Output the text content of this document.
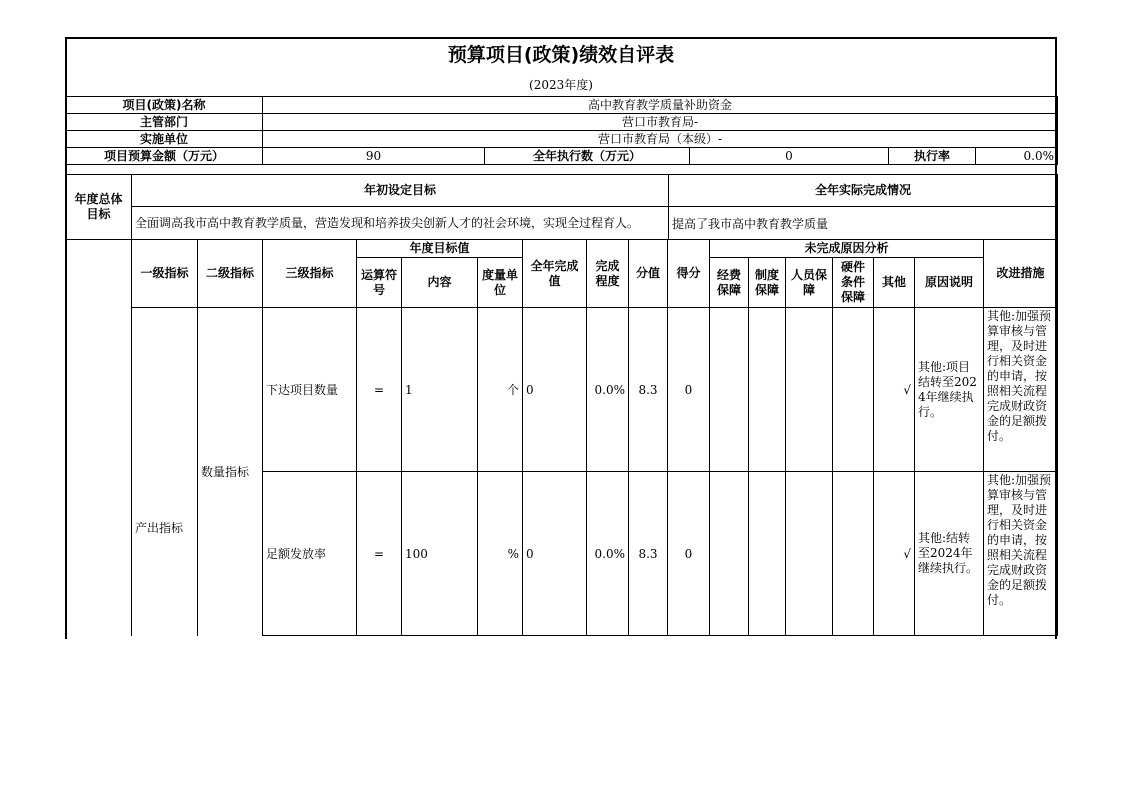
预算项目(政策)绩效自评表
(2023年度)
项目(政策)名称	高中教育教学质量补助资金				
主管部门	营口市教育局-				
实施单位	营口市教育局（本级）-				
项目预算金额（万元）	90	全年执行数（万元）	0	执行率	0.0%
年度总体目标	年初设定目标	全年实际完成情况
	全面调高我市高中教育教学质量，营造发现和培养拔尖创新人才的社会环境，实现全过程育人。	提高了我市高中教育教学质量
	一级指标	二级指标	三级指标	年度目标值			全年完成值	完成程度	分值	得分	未完成原因分析						改进措施
				运算符号	内容	度量单位					经费保障	制度保障	人员保障	硬件条件保障	其他	原因说明	
	产出指标	数量指标	下达项目数量	=	1	个	0	0.0%	8.3	0					√	其他:项目结转至2024年继续执行。	其他:加强预算审核与管理，及时进行相关资金的申请，按照相关流程完成财政资金的足额拨付。
			足额发放率	=	100	%	0	0.0%	8.3	0					√	其他:结转至2024年继续执行。	其他:加强预算审核与管理，及时进行相关资金的申请，按照相关流程完成财政资金的足额拨付。
